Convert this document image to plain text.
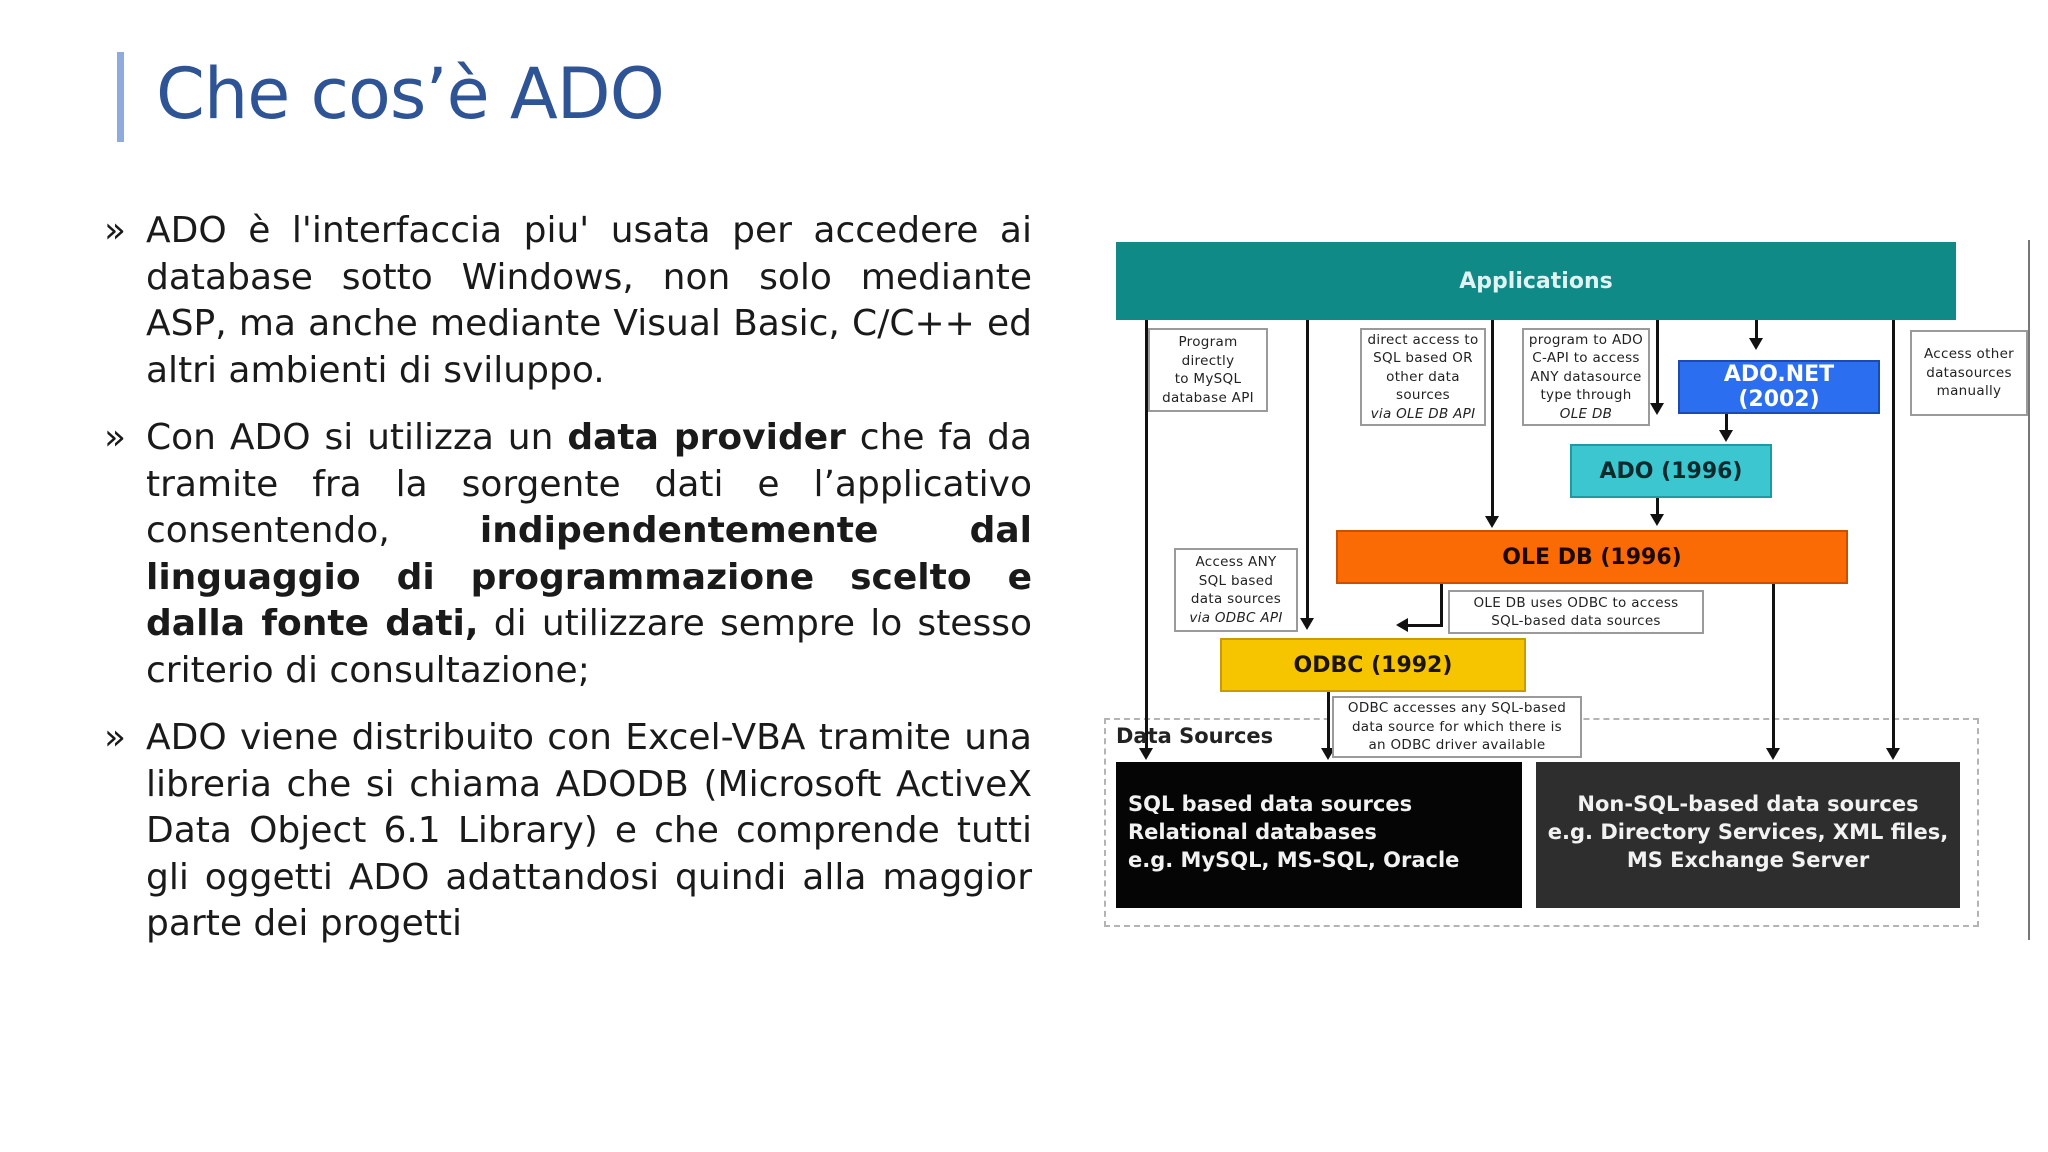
Che cos’è ADO
» ADO è l'interfaccia piu' usata per accedere ai database sotto Windows, non solo mediante ASP, ma anche mediante Visual Basic, C/C++ ed altri ambienti di sviluppo.
» Con ADO si utilizza un data provider che fa da tramite fra la sorgente dati e l’applicativo consentendo, indipendentemente dal linguaggio di programmazione scelto e dalla fonte dati, di utilizzare sempre lo stesso criterio di consultazione;
» ADO viene distribuito con Excel-VBA tramite una libreria che si chiama ADODB (Microsoft ActiveX Data Object 6.1 Library) e che comprende tutti gli oggetti ADO adattandosi quindi alla maggior parte dei progetti
Applications
ADO.NET (2002)
ADO (1996)
OLE DB (1996)
ODBC (1992)
Program
directly
to MySQL
database API
direct access to
SQL based OR
other data
sources
via OLE DB API
program to ADO
C-API to access
ANY datasource
type through
OLE DB
Access other
datasources
manually
Access ANY
SQL based
data sources
via ODBC API
OLE DB uses ODBC to access
SQL-based data sources
ODBC accesses any SQL-based
data source for which there is
an ODBC driver available
Data Sources
SQL based data sources
Relational databases
e.g. MySQL, MS-SQL, Oracle
Non-SQL-based data sources
e.g. Directory Services, XML files,
MS Exchange Server
